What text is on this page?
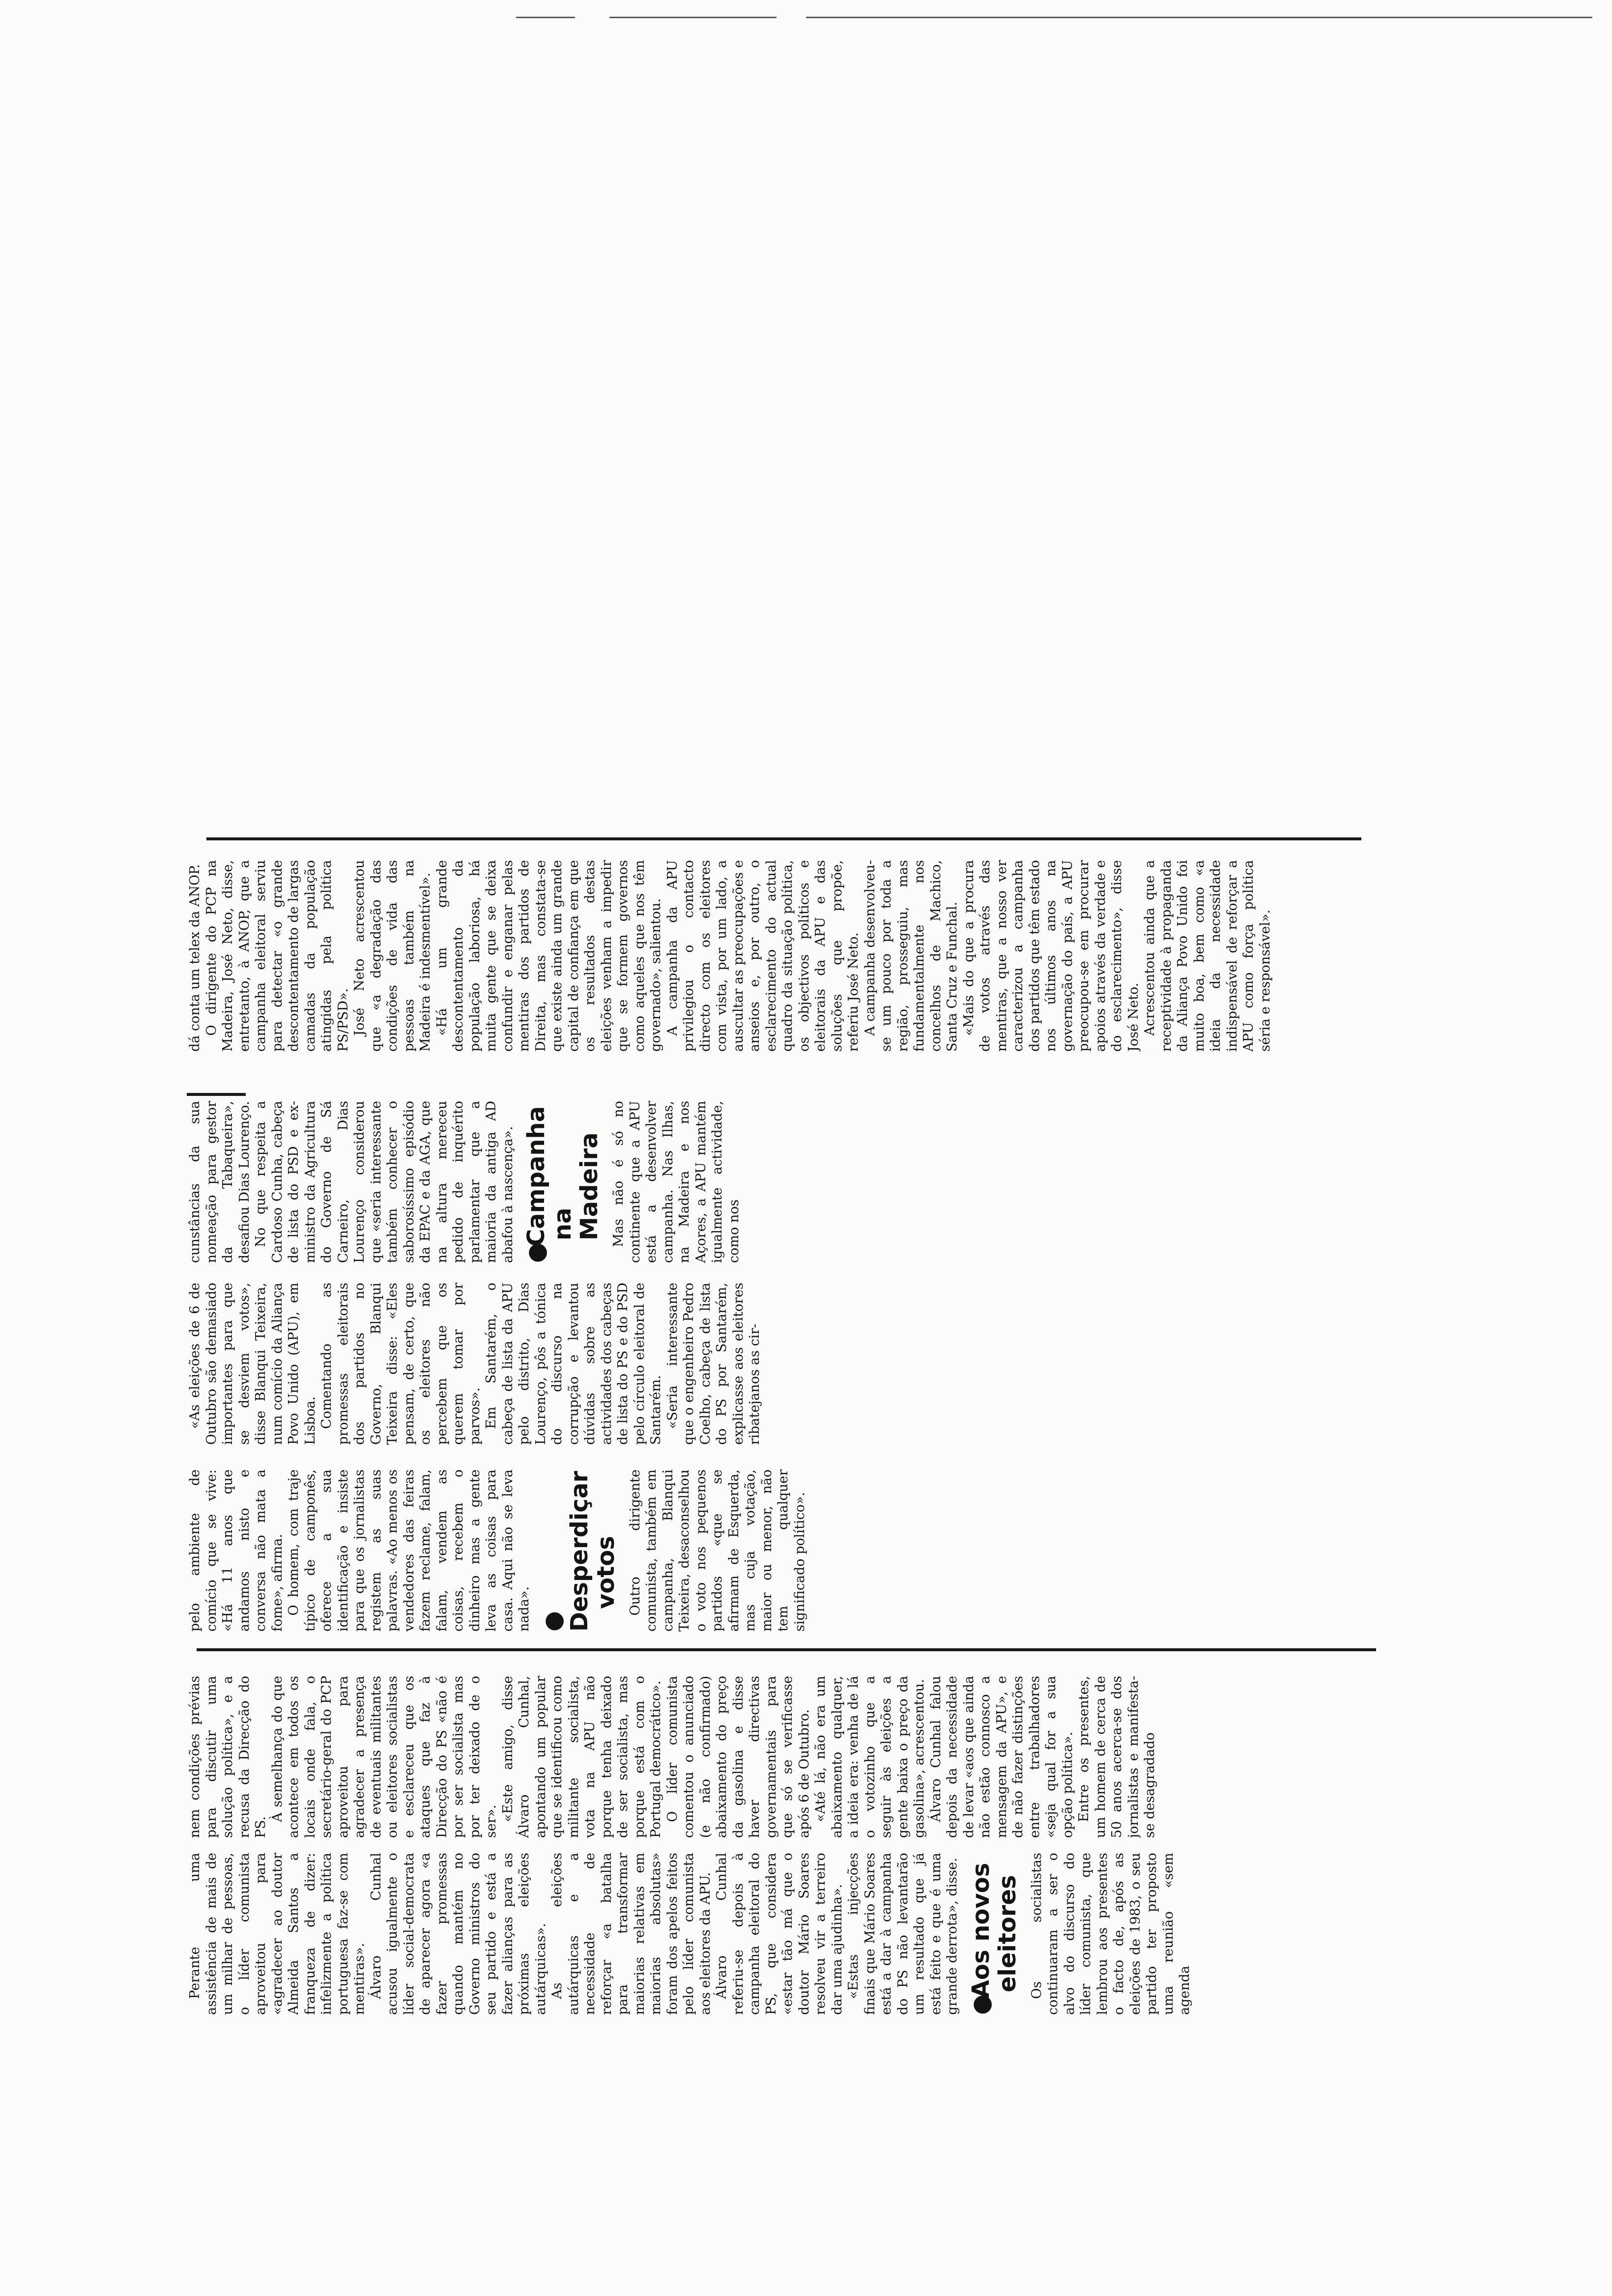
Perante uma assistência de mais de um milhar de pessoas, o líder comunista aproveitou para «agradecer ao doutor Almeida Santos a franqueza de dizer: infelizmente a política portuguesa faz-se com mentiras». Álvaro Cunhal acusou igualmente o líder social-democrata de aparecer agora «a fazer promessas quando mantém no Governo ministros do seu partido e está a fazer alianças para as próximas eleições autárquicas». As eleições autárquicas e a necessidade de reforçar «a batalha para transformar maiorias relativas em maiorias absolutas» foram dos apelos feitos pelo líder comunista aos eleitores da APU. Álvaro Cunhal referiu-se depois à campanha eleitoral do PS, que considera «estar tão má que o doutor Mário Soares resolveu vir a terreiro dar uma ajudinha». «Estas injecções finais que Mário Soares está a dar à campanha do PS não levantarão um resultado que já está feito e que é uma grande derrota», disse. ●Aos novos
eleitores Os socialistas continuaram a ser o alvo do discurso do líder comunista, que lembrou aos presentes o facto de, após as eleições de 1983, o seu partido ter proposto uma reunião «sem agenda

nem condições prévias para discutir uma solução política», e a recusa da Direcção do PS.

À semelhança do que acontece em todos os locais onde fala, o secretário-geral do PCP aproveitou para agradecer a presença de eventuais militantes ou eleitores socialistas e esclareceu que os ataques que faz à Direcção do PS «não é por ser socialista mas por ter deixado de o ser». «Este amigo, disse Álvaro Cunhal, apontando um popular que se identificou como militante socialista, vota na APU não porque tenha deixado de ser socialista, mas porque está com o Portugal democrático». O líder comunista comentou o anunciado (e não confirmado) abaixamento do preço da gasolina e disse haver directivas governamentais para que só se verificasse após 6 de Outubro. «Até lá, não era um abaixamento qualquer, a ideia era: venha de lá o votozinho que a seguir às eleições a gente baixa o preço da gasolina», acrescentou. Álvaro Cunhal falou depois da necessidade de levar «aos que ainda não estão connosco a mensagem da APU», e de não fazer distinções entre trabalhadores «seja qual for a sua opção política». Entre os presentes, um homem de cerca de 50 anos acerca-se dos jornalistas e manifesta-se desagradado

pelo ambiente de comício que se vive: «Há 11 anos que andamos nisto e conversa não mata a fome», afirma. O homem, com traje típico de camponês, oferece a sua identificação e insiste para que os jornalistas registem as suas palavras. «Ao menos os vendedores das feiras fazem reclame, falam, falam, vendem as coisas, recebem o dinheiro mas a gente leva as coisas para casa. Aqui não se leva nada». ●Desperdiçar
votos Outro dirigente comunista, também em campanha, Blanqui Teixeira, desaconselhou o voto nos pequenos partidos «que se afirmam de Esquerda, mas cuja votação, maior ou menor, não tem qualquer significado político».

«As eleições de 6 de Outubro são demasiado importantes para que se desviem votos», disse Blanqui Teixeira, num comício da Aliança Povo Unido (APU), em Lisboa. Comentando as promessas eleitorais dos partidos no Governo, Blanqui Teixeira disse: «Eles pensam, de certo, que os eleitores não percebem que os querem tomar por parvos». Em Santarém, o cabeça de lista da APU pelo distrito, Dias Lourenço, pôs a tónica do discurso na corrupção e levantou dúvidas sobre as actividades dos cabeças de lista do PS e do PSD pelo círculo eleitoral de Santarém. «Seria interessante que o engenheiro Pedro Coelho, cabeça de lista do PS por Santarém, explicasse aos eleitores ribatejanos as cir-

cunstâncias da sua nomeação para gestor da Tabaqueira», desafiou Dias Lourenço. No que respeita a Cardoso Cunha, cabeça de lista do PSD e ex-ministro da Agricultura do Governo de Sá Carneiro, Dias Lourenço considerou que «seria interessante também conhecer o saborosíssimo episódio da EPAC e da AGA, que na altura mereceu pedido de inquérito parlamentar que a maioria da antiga AD abafou à nascença». ●Campanha
na Madeira Mas não é só no continente que a APU está a desenvolver campanha. Nas Ilhas, na Madeira e nos Açores, a APU mantém igualmente actividade, como nos

dá conta um telex da ANOP. O dirigente do PCP na Madeira, José Neto, disse, entretanto, à ANOP, que a campanha eleitoral serviu para detectar «o grande descontentamento de largas camadas da população atingidas pela política PS/PSD». José Neto acrescentou que «a degradação das condições de vida das pessoas também na Madeira é indesmentível». «Há um grande descontentamento da população laboriosa, há muita gente que se deixa confundir e enganar pelas mentiras dos partidos de Direita, mas constata-se que existe ainda um grande capital de confiança em que os resultados destas eleições venham a impedir que se formem governos como aqueles que nos têm governado», salientou. A campanha da APU privilegiou o contacto directo com os eleitores com vista, por um lado, a auscultar as preocupações e anseios e, por outro, o esclarecimento do actual quadro da situação política, os objectivos políticos e eleitorais da APU e das soluções que propõe, referiu José Neto. A campanha desenvolveu-se um pouco por toda a região, prosseguiu, mas fundamentalmente nos concelhos de Machico, Santa Cruz e Funchal. «Mais do que a procura de votos através das mentiras, que a nosso ver caracterizou a campanha dos partidos que têm estado nos últimos anos na governação do país, a APU preocupou-se em procurar apoios através da verdade e do esclarecimento», disse José Neto. Acrescentou ainda que a receptividade à propaganda da Aliança Povo Unido foi muito boa, bem como «a ideia da necessidade indispensável de reforçar a APU como força política séria e responsável».
